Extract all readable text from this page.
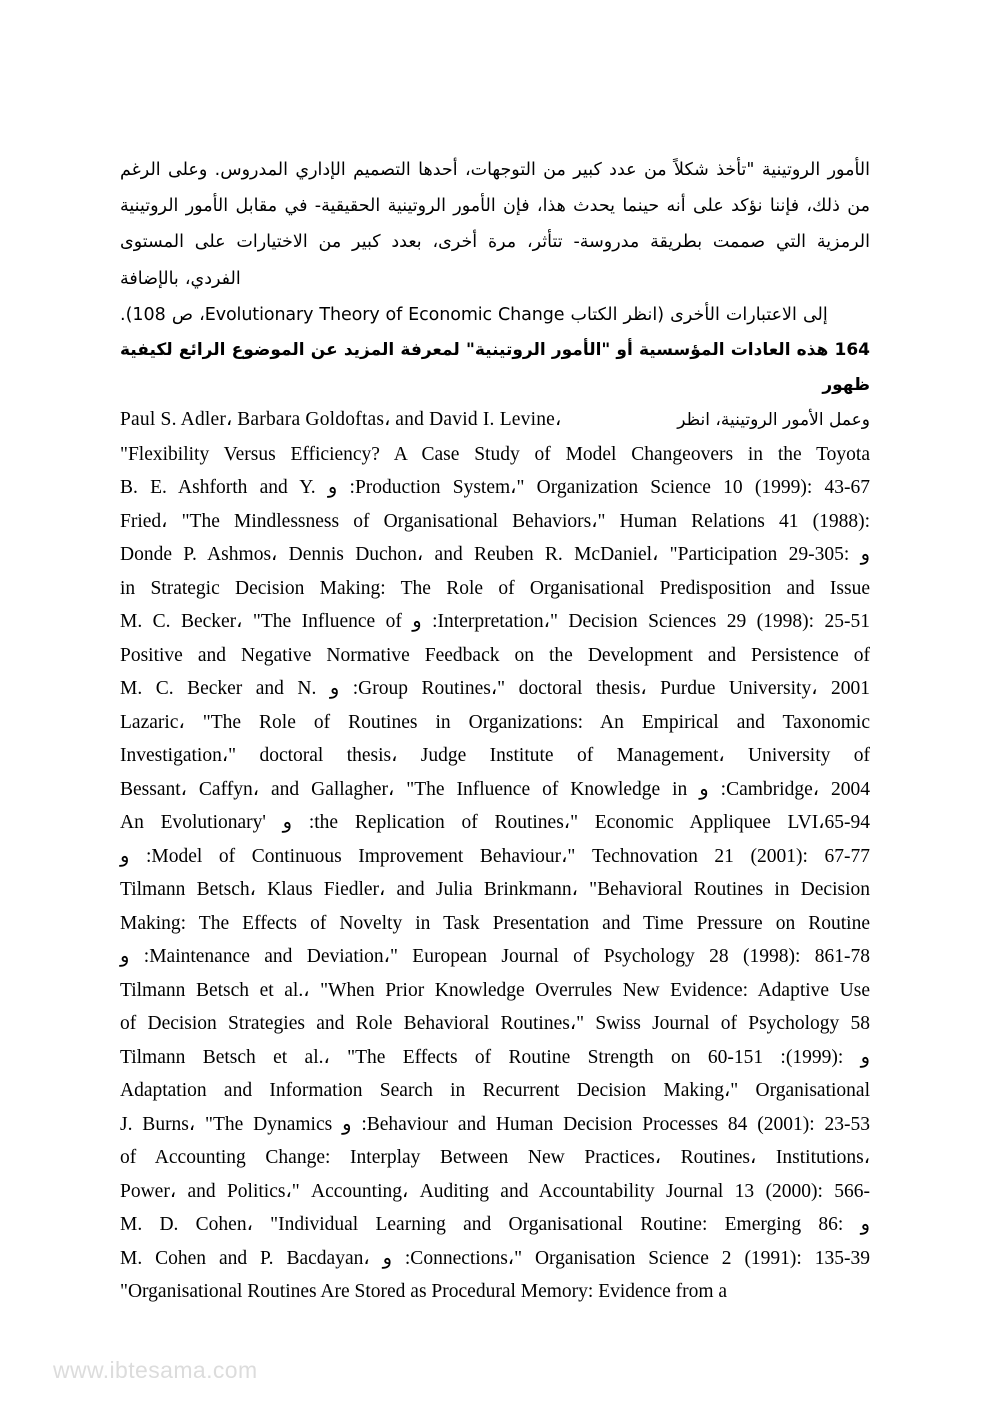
الأمور الروتينية "تأخذ شكلاً من عدد كبير من التوجهات، أحدها التصميم الإداري المدروس. وعلى الرغم من ذلك، فإننا نؤكد على أنه حينما يحدث هذا، فإن الأمور الروتينية الحقيقية- في مقابل الأمور الروتينية الرمزية التي صممت بطريقة مدروسة- تتأثر، مرة أخرى، بعدد كبير من الاختيارات على المستوى الفردي، بالإضافة
إلى الاعتبارات الأخرى (انظر الكتاب Evolutionary Theory of Economic Change، ص 108).
164 هذه العادات المؤسسية أو "الأمور الروتينية" لمعرفة المزيد عن الموضوع الرائع لكيفية ظهور
Paul S. Adler، Barbara Goldoftas، and David I. Levine،	وعمل الأمور الروتينية، انظر
"Flexibility Versus Efficiency? A Case Study of Model Changeovers in the Toyota
B. E. Ashforth and Y. و :Production System،" Organization Science 10 (1999): 43-67
Fried، "The Mindlessness of Organisational Behaviors،" Human Relations 41 (1988):
Donde P. Ashmos، Dennis Duchon، and Reuben R. McDaniel، "Participation و :305-29
in Strategic Decision Making: The Role of Organisational Predisposition and Issue
M. C. Becker، "The Influence of و :Interpretation،" Decision Sciences 29 (1998): 25-51
Positive and Negative Normative Feedback on the Development and Persistence of
M. C. Becker and N. و :Group Routines،" doctoral thesis، Purdue University، 2001
Lazaric، "The Role of Routines in Organizations: An Empirical and Taxonomic
Investigation،" doctoral thesis، Judge Institute of Management، University of
Bessant، Caffyn، and Gallagher، "The Influence of Knowledge in و :Cambridge، 2004
An Evolutionary' و :the Replication of Routines،" Economic Appliquee LVI،65-94
و :Model of Continuous Improvement Behaviour،" Technovation 21 (2001): 67-77
Tilmann Betsch، Klaus Fiedler، and Julia Brinkmann، "Behavioral Routines in Decision
Making: The Effects of Novelty in Task Presentation and Time Pressure on Routine
و :Maintenance and Deviation،" European Journal of Psychology 28 (1998): 861-78
Tilmann Betsch et al.، "When Prior Knowledge Overrules New Evidence: Adaptive Use
of Decision Strategies and Role Behavioral Routines،" Swiss Journal of Psychology 58
Tilmann Betsch et al.، "The Effects of Routine Strength on و :(1999): 151-60
Adaptation and Information Search in Recurrent Decision Making،" Organisational
J. Burns، "The Dynamics و :Behaviour and Human Decision Processes 84 (2001): 23-53
of Accounting Change: Interplay Between New Practices، Routines، Institutions،
Power، and Politics،" Accounting، Auditing and Accountability Journal 13 (2000): 566-
M. D. Cohen، "Individual Learning and Organisational Routine: Emerging و :86
M. Cohen and P. Bacdayan، و :Connections،" Organisation Science 2 (1991): 135-39
"Organisational Routines Are Stored as Procedural Memory: Evidence from a
www.ibtesama.com
